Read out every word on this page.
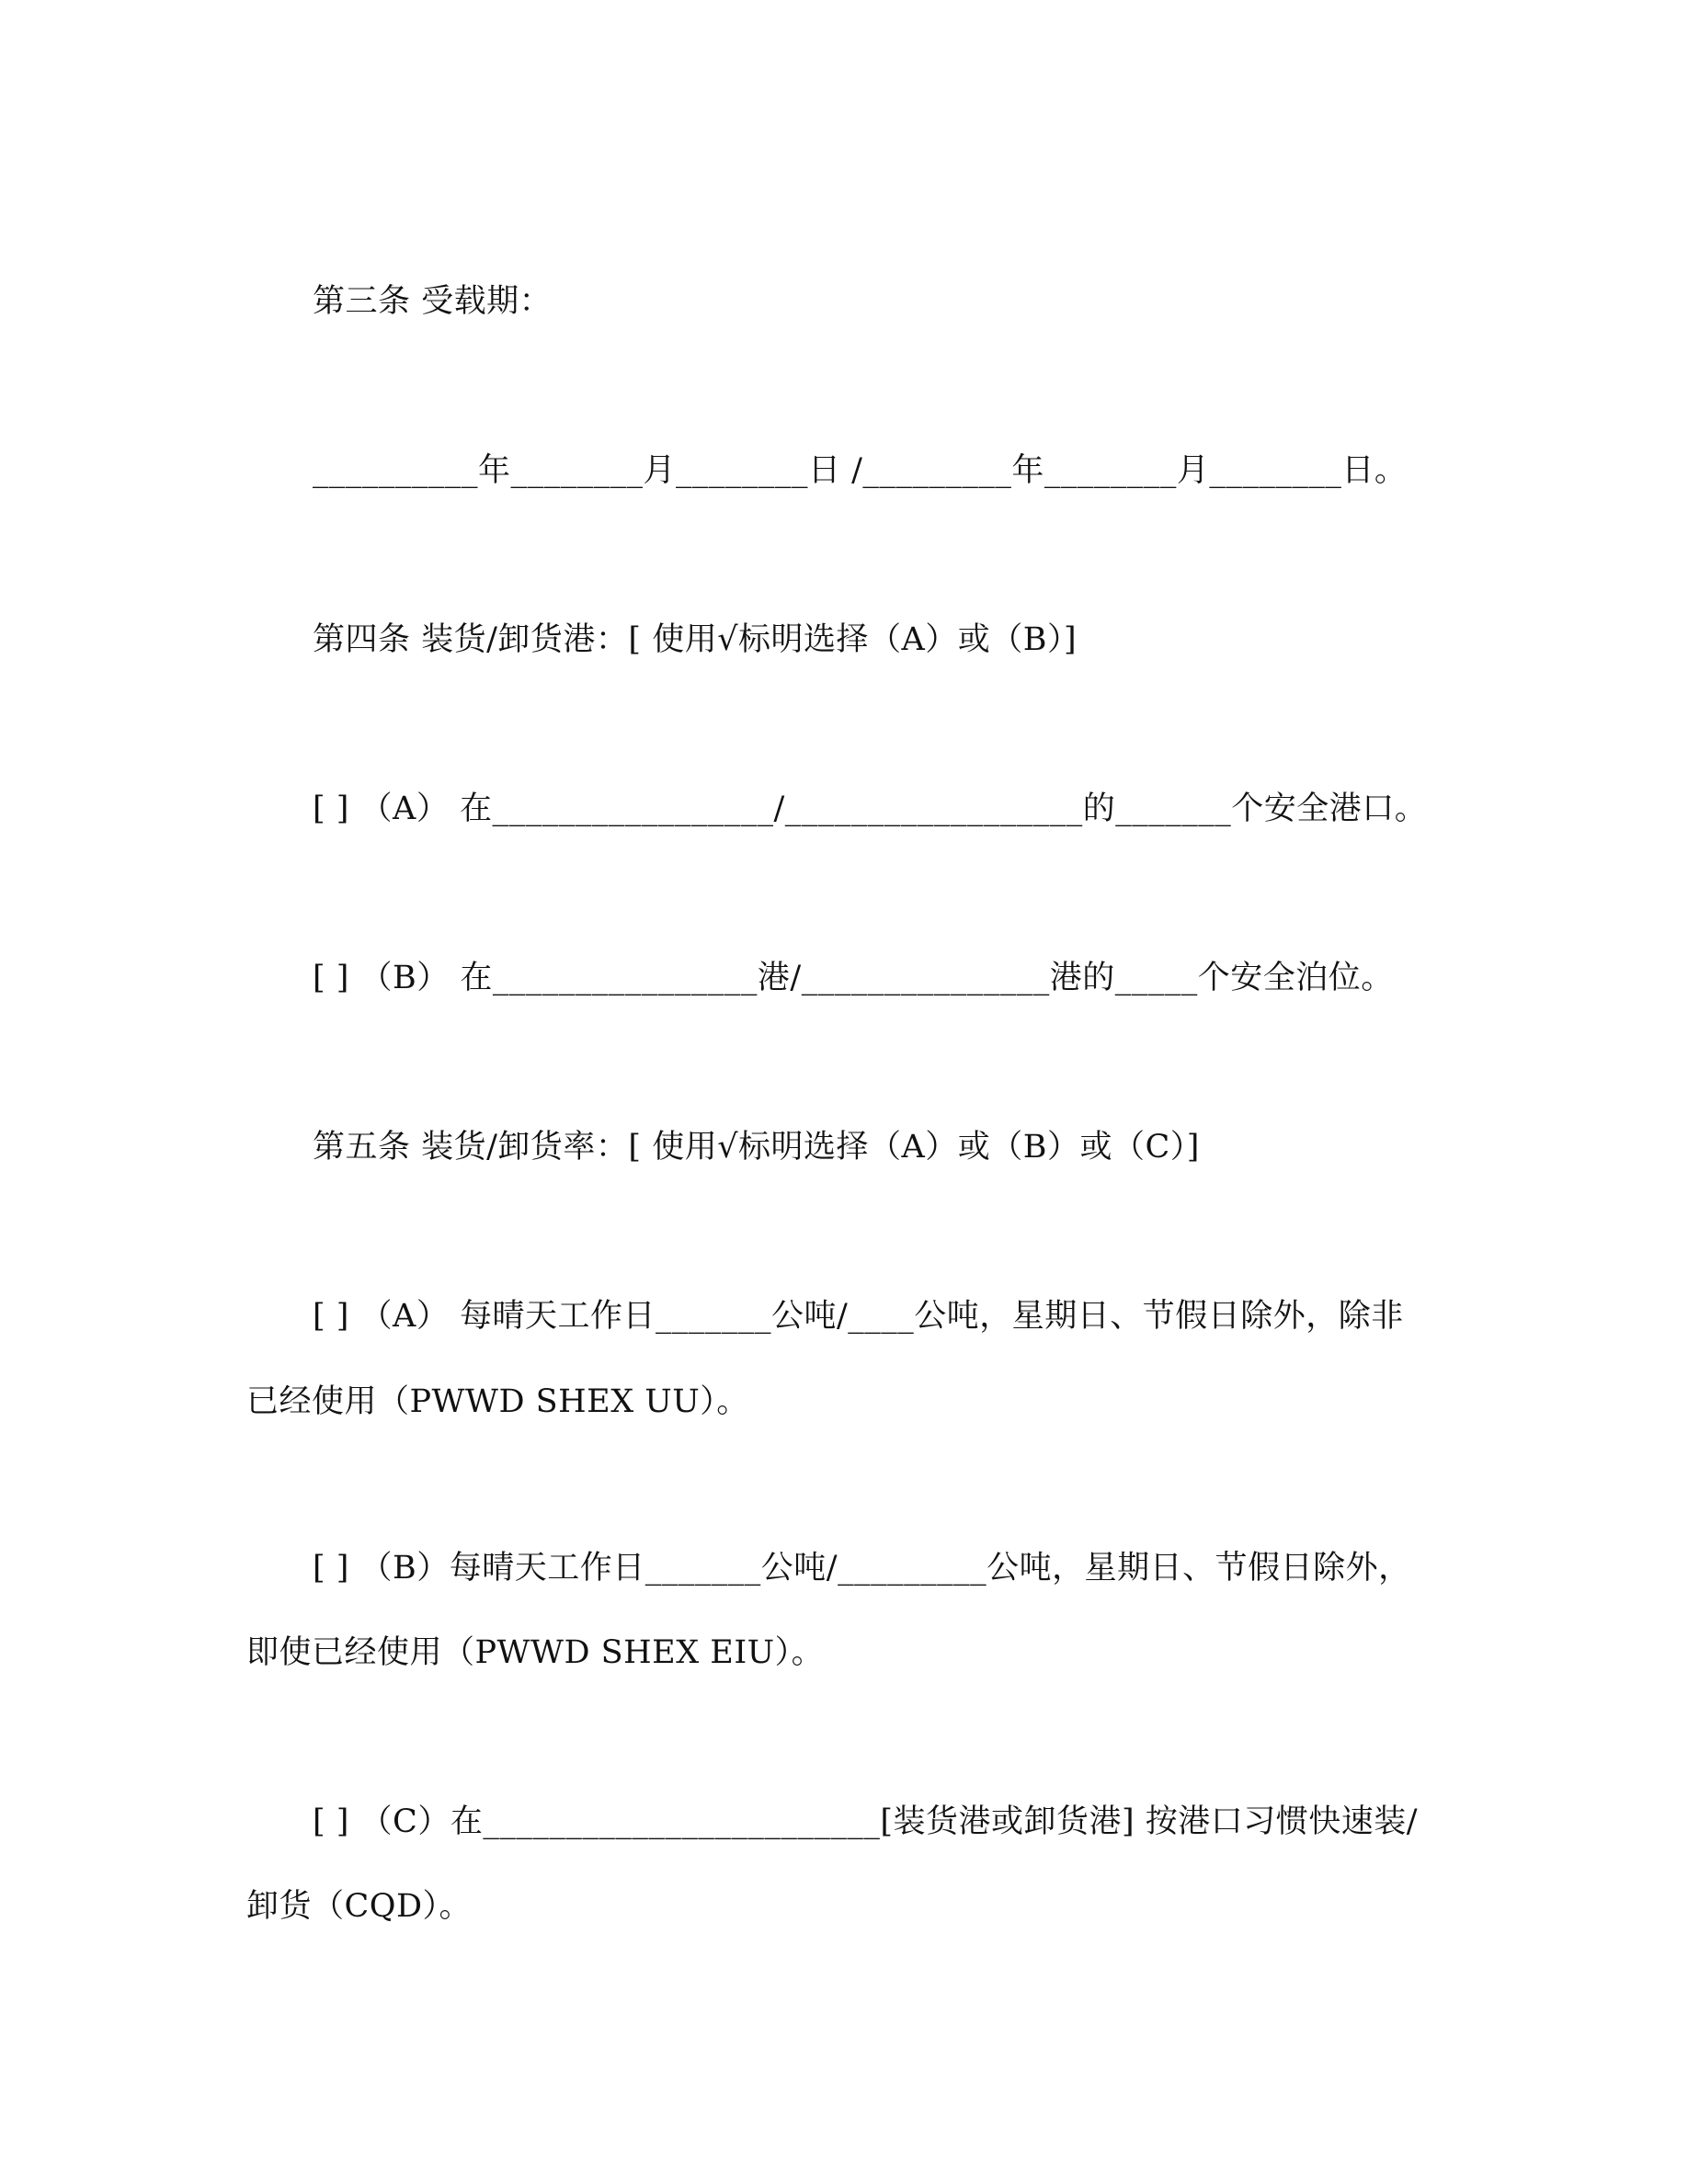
第三条 受载期：
__________年________月________日 /_________年________月________日。
第四条 装货/卸货港：[ 使用√标明选择（A）或（B）]
[ ] （A） 在_________________/__________________的_______个安全港口。
[ ] （B） 在________________港/_______________港的_____个安全泊位。
第五条 装货/卸货率：[ 使用√标明选择（A）或（B）或（C）]
[ ] （A） 每晴天工作日_______公吨/____公吨，星期日、节假日除外，除非
已经使用（PWWD SHEX UU）。
[ ] （B）每晴天工作日_______公吨/_________公吨，星期日、节假日除外，
即使已经使用（PWWD SHEX EIU）。
[ ] （C）在________________________[装货港或卸货港] 按港口习惯快速装/
卸货（CQD）。
